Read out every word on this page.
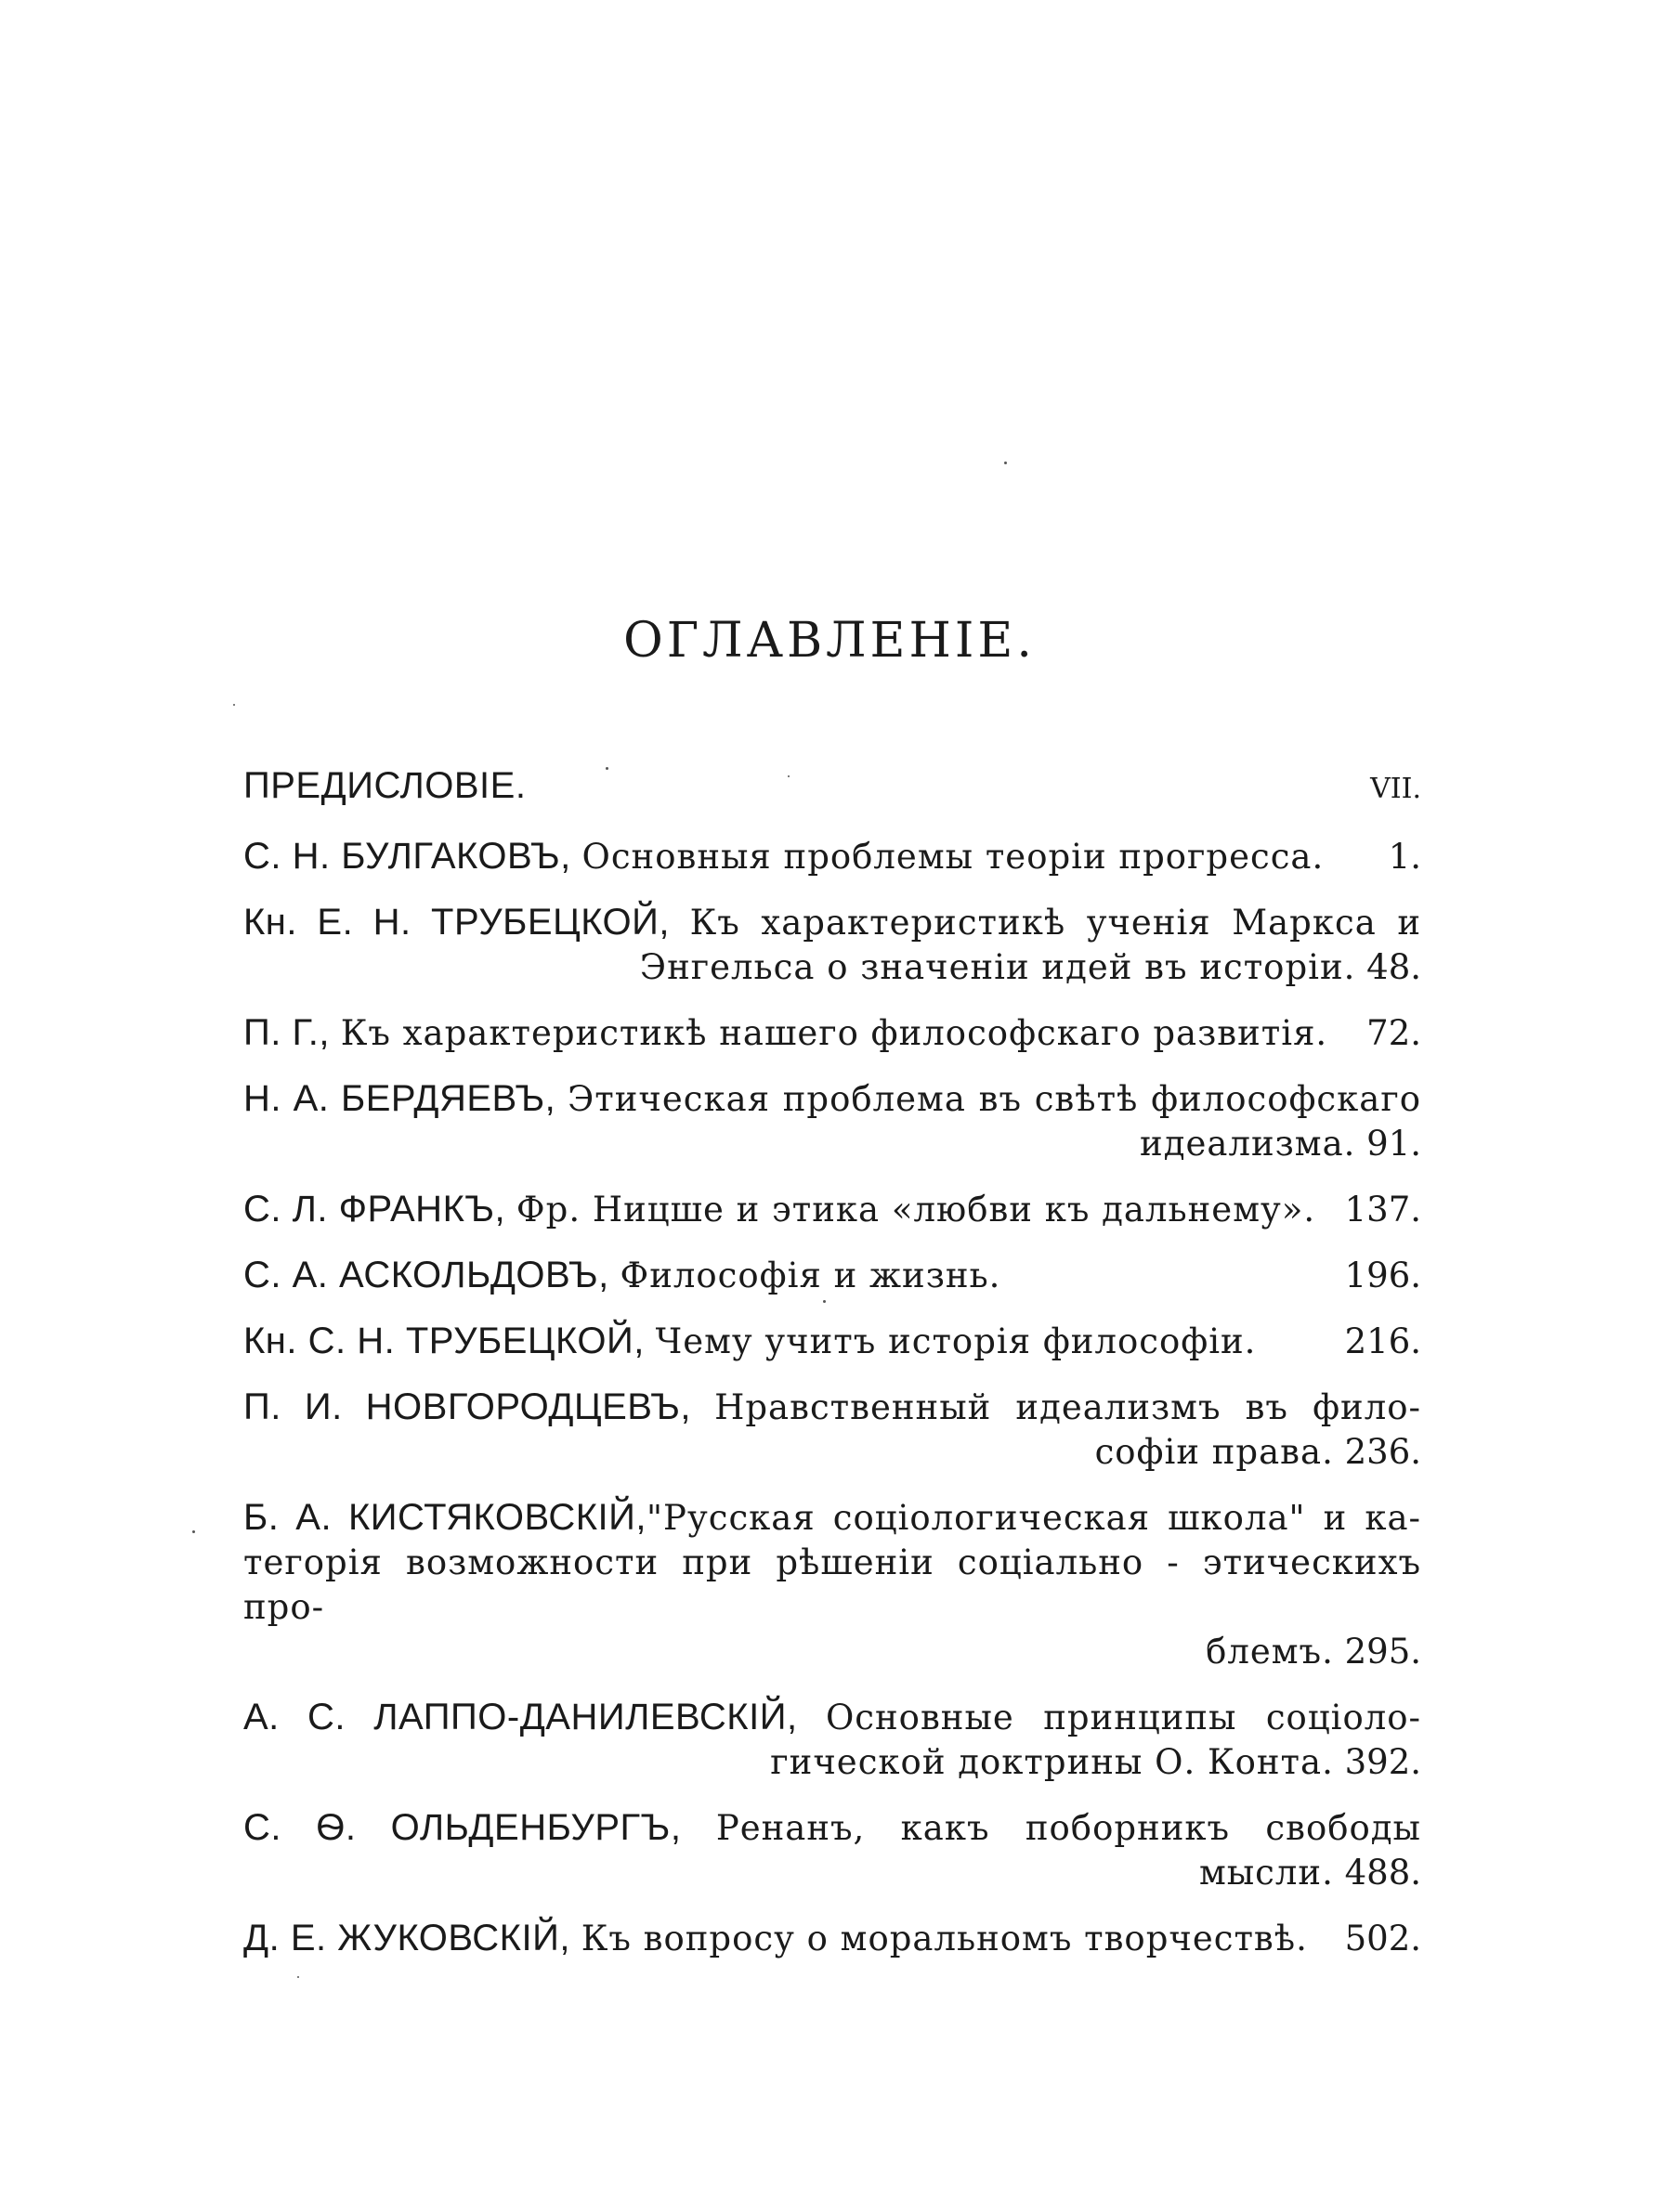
ОГЛАВЛЕНIE.
ПРЕДИСЛОВIЕ.	VII.
С. Н. БУЛГАКОВЪ, Основныя проблемы теорiи прогресса. 1.
Кн. Е. Н. ТРУБЕЦКОЙ, Къ характеристикѣ ученiя Маркса и
Энгельса о значенiи идей въ исторiи. 48.
П. Г., Къ характеристикѣ нашего философскаго развитiя. 72.
Н. А. БЕРДЯЕВЪ, Этическая проблема въ свѣтѣ философскаго
идеализма. 91.
С. Л. ФРАНКЪ, Фр. Ницше и этика «любви къ дальнему». 137.
С. А. АСКОЛЬДОВЪ, Философiя и жизнь.	196.
Кн. С. Н. ТРУБЕЦКОЙ, Чему учитъ исторiя философiи.	216.
П. И. НОВГОРОДЦЕВЪ, Нравственный идеализмъ въ фило-
софiи права. 236.
Б. А. КИСТЯКОВСКIЙ,"Русская соцiологическая школа" и ка-
тегорiя возможности при рѣшенiи соцiально - этическихъ про-
блемъ. 295.
А. С. ЛАППО-ДАНИЛЕВСКIЙ, Основные принципы соцiоло-
гической доктрины О. Конта. 392.
С. Ѳ. ОЛЬДЕНБУРГЪ, Ренанъ, какъ поборникъ свободы
мысли. 488.
Д. Е. ЖУКОВСКIЙ, Къ вопросу о моральномъ творчествѣ. 502.
